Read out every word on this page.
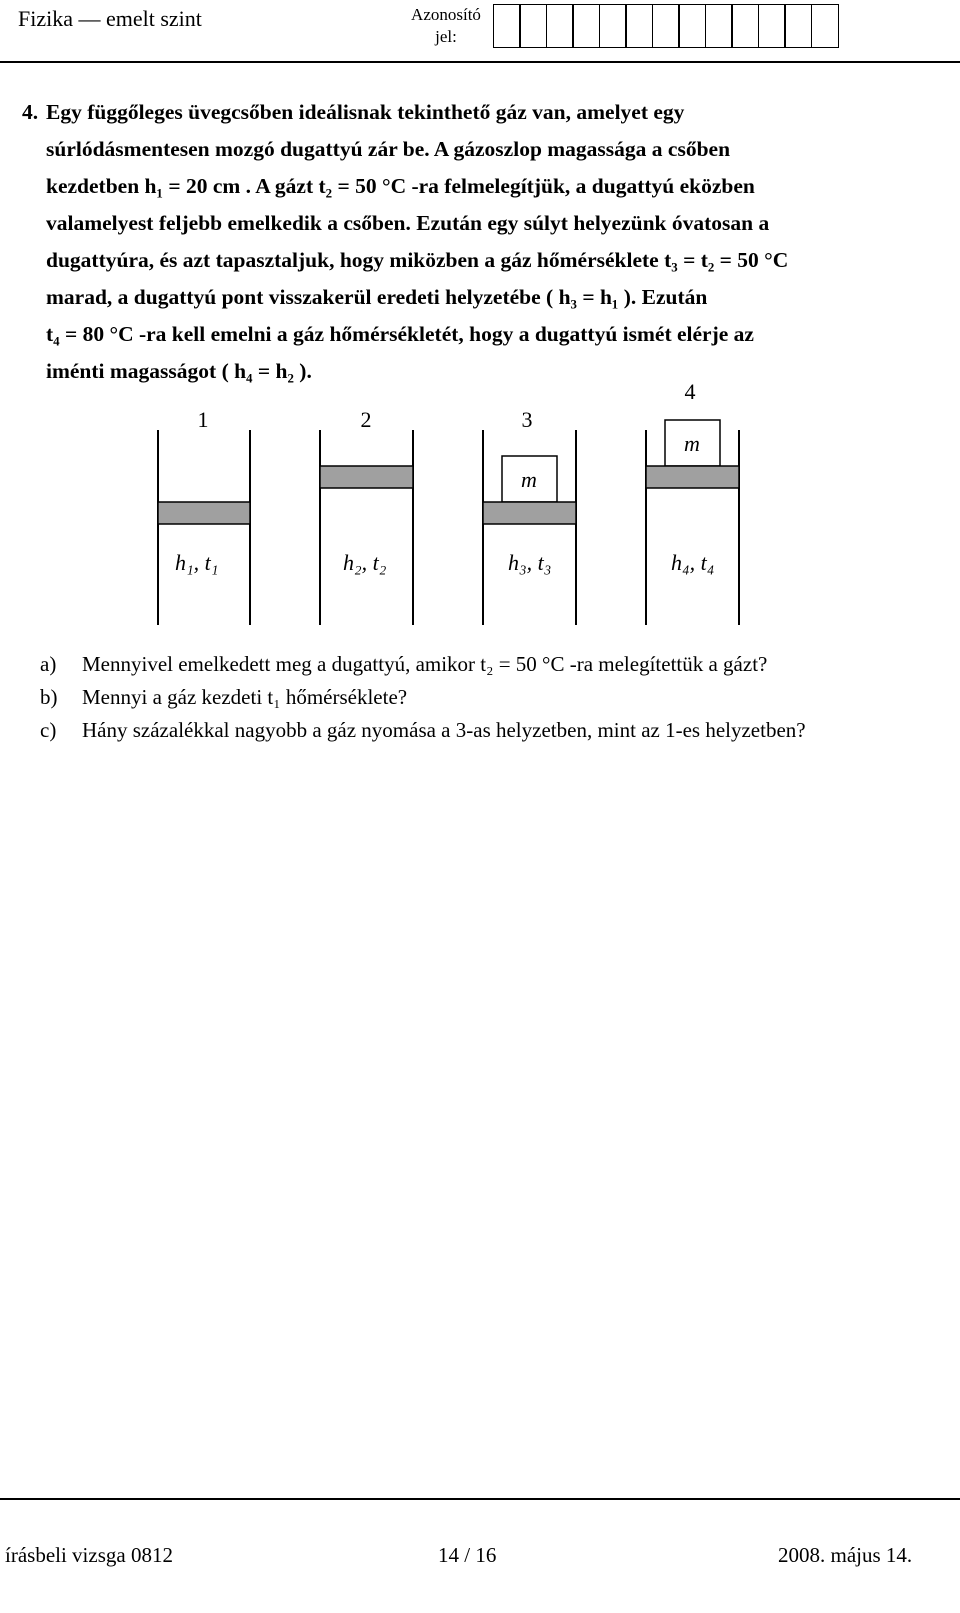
Fizika — emelt szint	Azonosító
jel:
4. Egy függőleges üvegcsőben ideálisnak tekinthető gáz van, amelyet egy
súrlódásmentesen mozgó dugattyú zár be. A gázoszlop magassága a csőben
kezdetben h₁ = 20 cm . A gázt t₂ = 50 °C -ra felmelegítjük, a dugattyú eközben
valamelyest feljebb emelkedik a csőben. Ezután egy súlyt helyezünk óvatosan a
dugattyúra, és azt tapasztaljuk, hogy miközben a gáz hőmérséklete t₃ = t₂ = 50 °C
marad, a dugattyú pont visszakerül eredeti helyzetébe ( h₃ = h₁ ). Ezután
t₄ = 80 °C -ra kell emelni a gáz hőmérsékletét, hogy a dugattyú ismét elérje az
iménti magasságot ( h₄ = h₂ ).
1
h₁, t₁
2
h₂, t₂
3
m
h₃, t₃
4
m
h₄, t₄
a) Mennyivel emelkedett meg a dugattyú, amikor t₂ = 50 °C -ra melegítettük a gázt?
b) Mennyi a gáz kezdeti t₁ hőmérséklete?
c) Hány százalékkal nagyobb a gáz nyomása a 3-as helyzetben, mint az 1-es helyzetben?
írásbeli vizsga 0812	14 / 16	2008. május 14.
